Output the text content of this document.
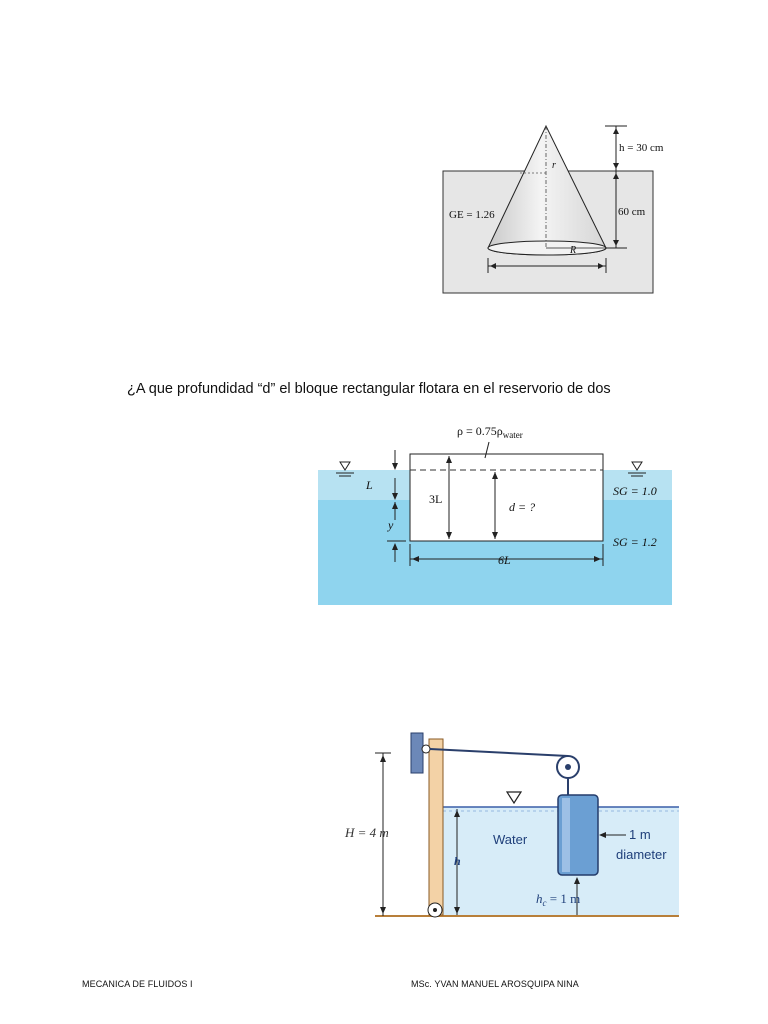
h = 30 cm
r
60 cm
GE = 1.26
R
¿A que profundidad “d” el bloque rectangular flotara en el reservorio de dos
$\rho = 0.75\rho_{water}$
L
3L
d = ?
y
SG = 1.0
SG = 1.2
6L
H = 4 m
h
Water	1 m
diameter
$h_c = 1$ m
MECANICA DE FLUIDOS I	MSc. YVAN MANUEL AROSQUIPA NINA
